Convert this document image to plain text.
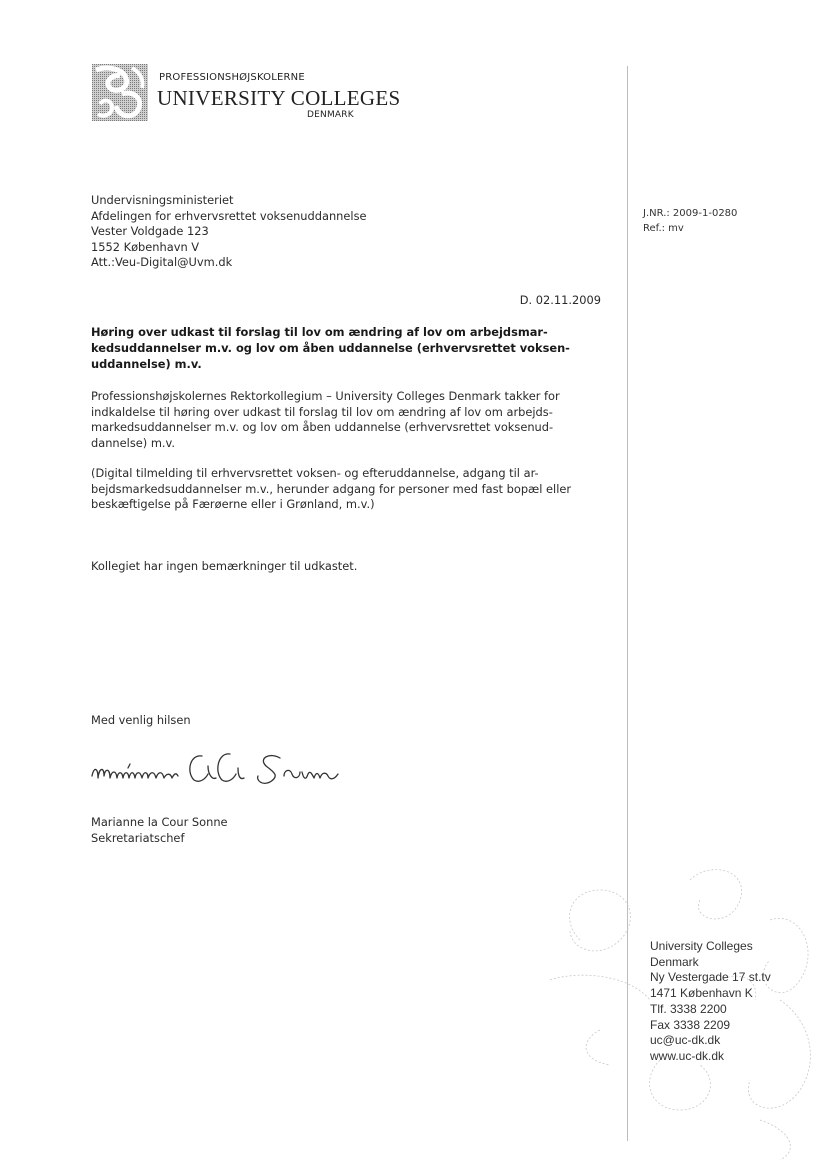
PROFESSIONSHØJSKOLERNE
UNIVERSITY COLLEGES
DENMARK
Undervisningsministeriet
Afdelingen for erhvervsrettet voksenuddannelse
Vester Voldgade 123
1552 København V
Att.:Veu-Digital@Uvm.dk
J.NR.: 2009-1-0280
Ref.: mv
D. 02.11.2009
Høring over udkast til forslag til lov om ændring af lov om arbejdsmar-
kedsuddannelser m.v. og lov om åben uddannelse (erhvervsrettet voksen-
uddannelse) m.v.
Professionshøjskolernes Rektorkollegium – University Colleges Denmark takker for
indkaldelse til høring over udkast til forslag til lov om ændring af lov om arbejds-
markedsuddannelser m.v. og lov om åben uddannelse (erhvervsrettet voksenud-
dannelse) m.v.
(Digital tilmelding til erhvervsrettet voksen- og efteruddannelse, adgang til ar-
bejdsmarkedsuddannelser m.v., herunder adgang for personer med fast bopæl eller
beskæftigelse på Færøerne eller i Grønland, m.v.)
Kollegiet har ingen bemærkninger til udkastet.
Med venlig hilsen
Marianne la Cour Sonne
Sekretariatschef
University Colleges
Denmark
Ny Vestergade 17 st.tv
1471 København K
Tlf. 3338 2200
Fax 3338 2209
uc@uc-dk.dk
www.uc-dk.dk
